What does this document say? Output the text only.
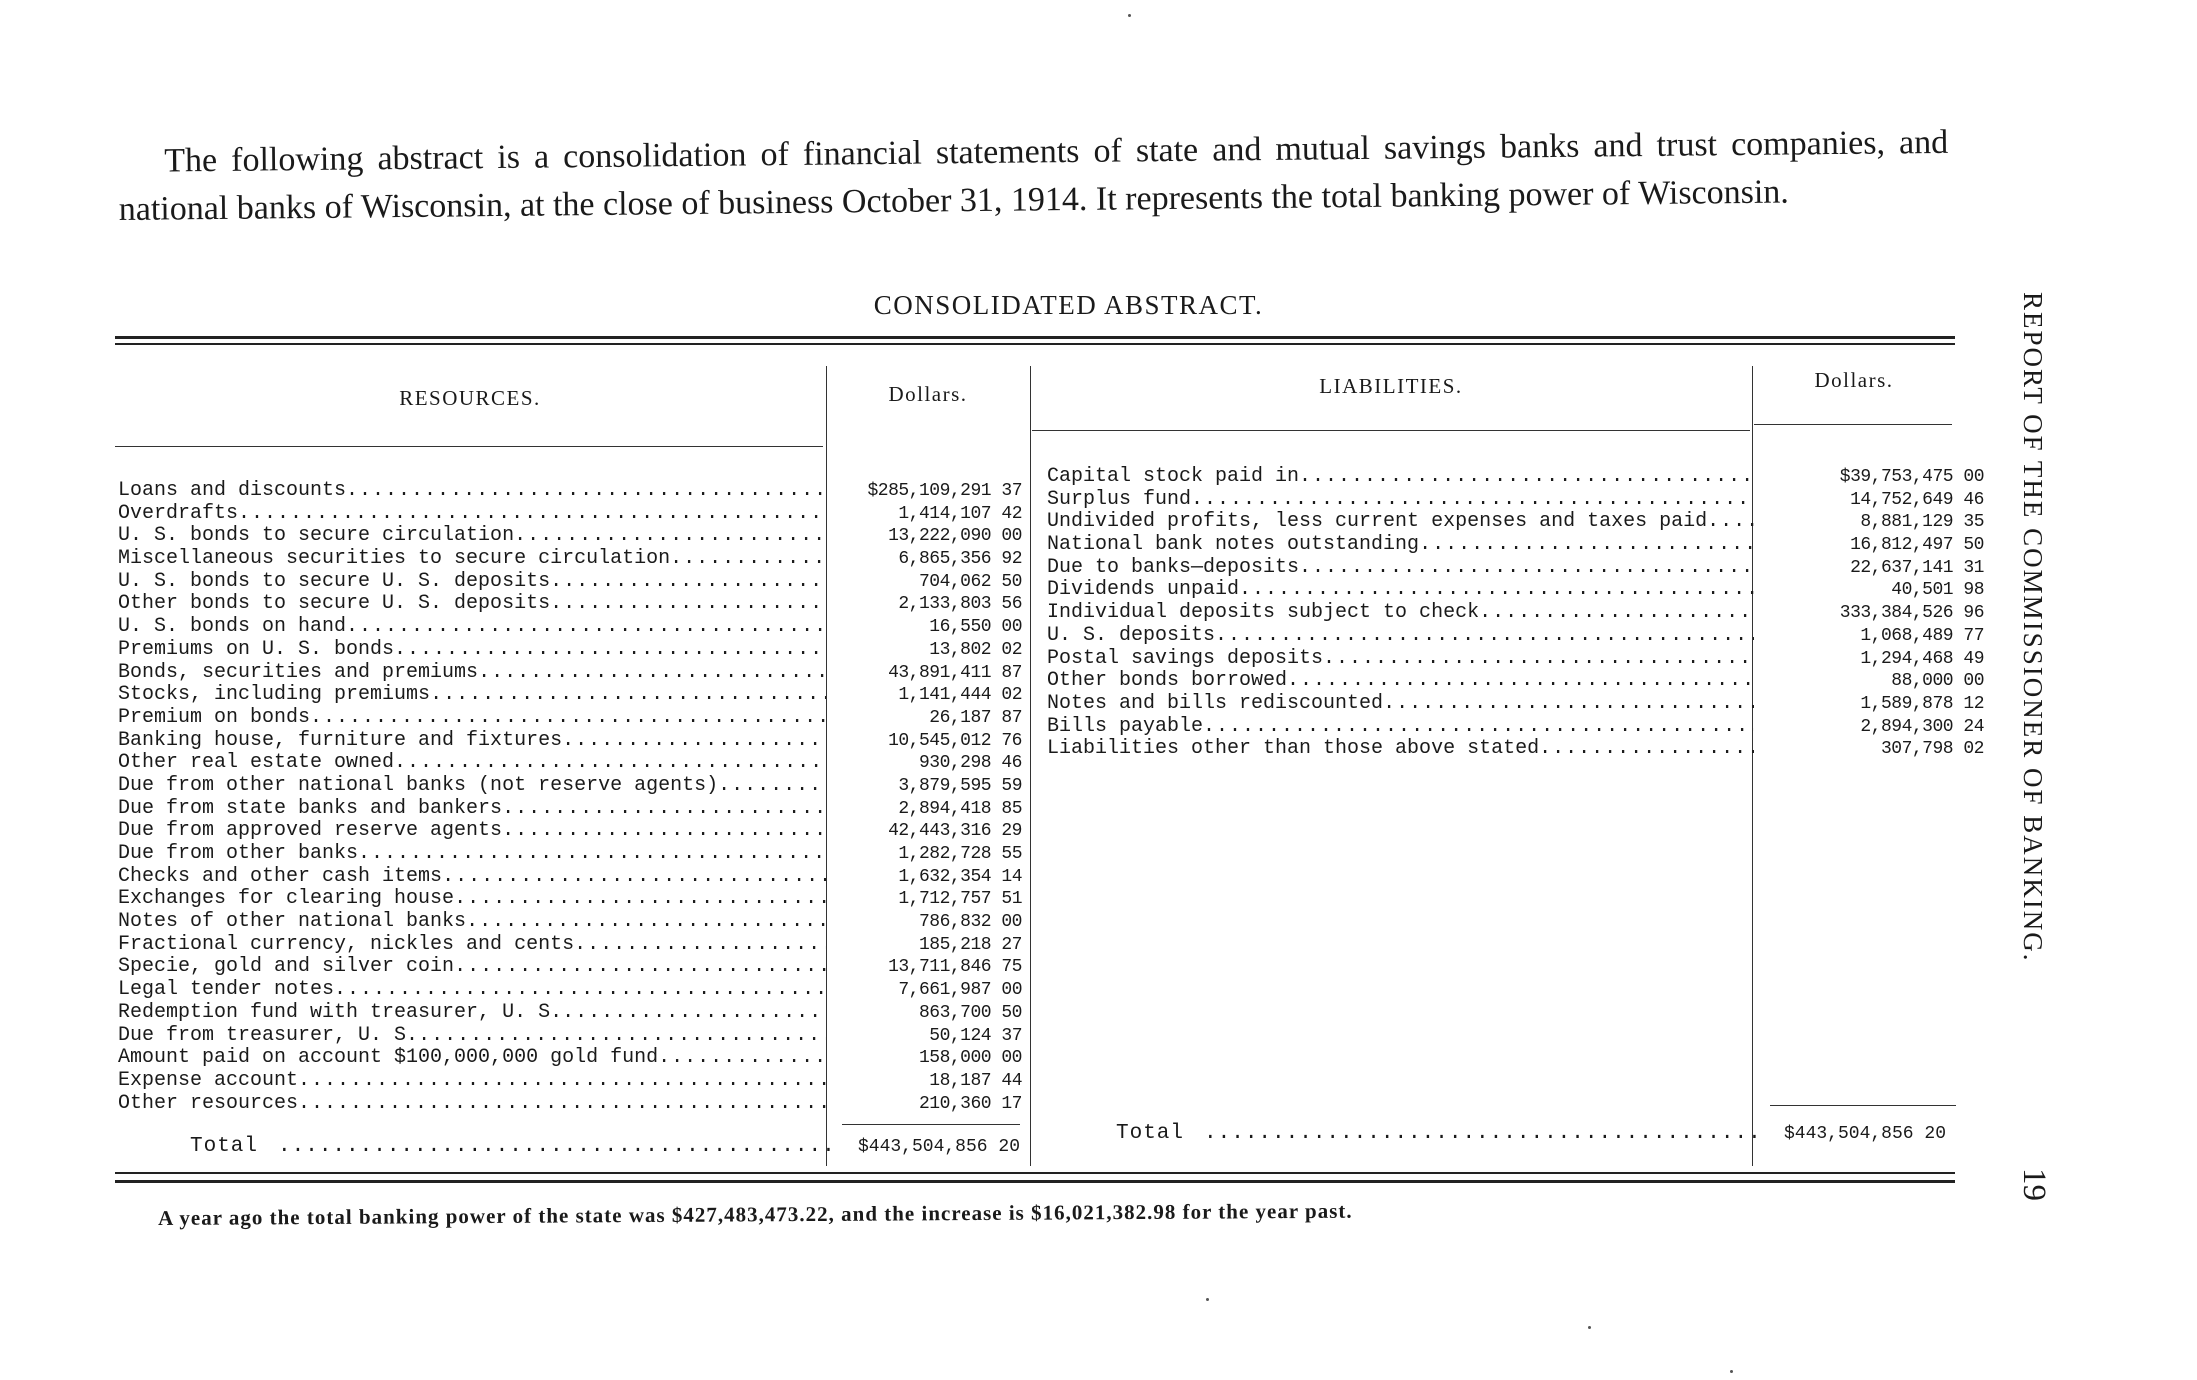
The following abstract is a consolidation of financial statements of state and mutual savings banks and trust companies, and national banks of Wisconsin, at the close of business October 31, 1914. It represents the total banking power of Wisconsin.
CONSOLIDATED ABSTRACT.
RESOURCES.	Dollars.	LIABILITIES.	Dollars.
Loans and discounts .....	$285,109,291 37
Overdrafts .....	1,414,107 42
U. S. bonds to secure circulation .....	13,222,090 00
Miscellaneous securities to secure circulation .....	6,865,356 92
U. S. bonds to secure U. S. deposits .....	704,062 50
Other bonds to secure U. S. deposits .....	2,133,803 56
U. S. bonds on hand .....	16,550 00
Premiums on U. S. bonds .....	13,802 02
Bonds, securities and premiums .....	43,891,411 87
Stocks, including premiums .....	1,141,444 02
Premium on bonds .....	26,187 87
Banking house, furniture and fixtures .....	10,545,012 76
Other real estate owned .....	930,298 46
Due from other national banks (not reserve agents) .....	3,879,595 59
Due from state banks and bankers .....	2,894,418 85
Due from approved reserve agents .....	42,443,316 29
Due from other banks .....	1,282,728 55
Checks and other cash items .....	1,632,354 14
Exchanges for clearing house .....	1,712,757 51
Notes of other national banks .....	786,832 00
Fractional currency, nickles and cents .....	185,218 27
Specie, gold and silver coin .....	13,711,846 75
Legal tender notes .....	7,661,987 00
Redemption fund with treasurer, U. S. .....	863,700 50
Due from treasurer, U. S. .....	50,124 37
Amount paid on account $100,000,000 gold fund .....	158,000 00
Expense account .....	18,187 44
Other resources .....	210,360 17
Total .....	$443,504,856 20
Capital stock paid in .....	$39,753,475 00
Surplus fund .....	14,752,649 46
Undivided profits, less current expenses and taxes paid .....	8,881,129 35
National bank notes outstanding .....	16,812,497 50
Due to banks—deposits .....	22,637,141 31
Dividends unpaid .....	40,501 98
Individual deposits subject to check .....	333,384,526 96
U. S. deposits .....	1,068,489 77
Postal savings deposits .....	1,294,468 49
Other bonds borrowed .....	88,000 00
Notes and bills rediscounted .....	1,589,878 12
Bills payable .....	2,894,300 24
Liabilities other than those above stated .....	307,798 02
Total .....	$443,504,856 20
A year ago the total banking power of the state was $427,483,473.22, and the increase is $16,021,382.98 for the year past.
REPORT OF THE COMMISSIONER OF BANKING.
19
